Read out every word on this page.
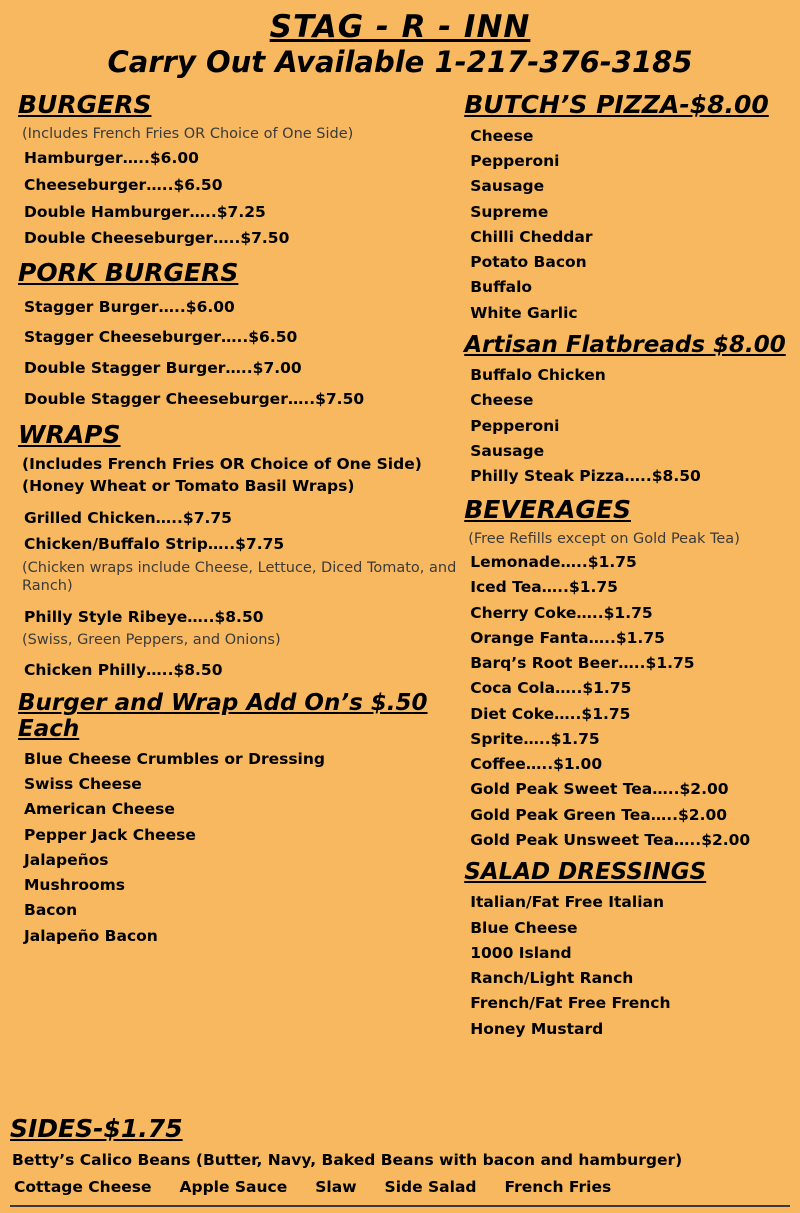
STAG - R - INN
Carry Out Available 1-217-376-3185
BURGERS
(Includes French Fries OR Choice of One Side)
Hamburger…..$6.00
Cheeseburger…..$6.50
Double Hamburger…..$7.25
Double Cheeseburger…..$7.50
PORK BURGERS
Stagger Burger…..$6.00
Stagger Cheeseburger…..$6.50
Double Stagger Burger…..$7.00
Double Stagger Cheeseburger…..$7.50
WRAPS
(Includes French Fries OR Choice of One Side)
(Honey Wheat or Tomato Basil Wraps)
Grilled Chicken…..$7.75
Chicken/Buffalo Strip…..$7.75
(Chicken wraps include Cheese, Lettuce, Diced Tomato, and Ranch)
Philly Style Ribeye…..$8.50
(Swiss, Green Peppers, and Onions)
Chicken Philly…..$8.50
Burger and Wrap Add On’s $.50 Each
Blue Cheese Crumbles or Dressing
Swiss Cheese
American Cheese
Pepper Jack Cheese
Jalapeños
Mushrooms
Bacon
Jalapeño Bacon
BUTCH’S PIZZA-$8.00
Cheese
Pepperoni
Sausage
Supreme
Chilli Cheddar
Potato Bacon
Buffalo
White Garlic
Artisan Flatbreads $8.00
Buffalo Chicken
Cheese
Pepperoni
Sausage
Philly Steak Pizza…..$8.50
BEVERAGES
(Free Refills except on Gold Peak Tea)
Lemonade…..$1.75
Iced Tea…..$1.75
Cherry Coke…..$1.75
Orange Fanta…..$1.75
Barq’s Root Beer…..$1.75
Coca Cola…..$1.75
Diet Coke…..$1.75
Sprite…..$1.75
Coffee…..$1.00
Gold Peak Sweet Tea…..$2.00
Gold Peak Green Tea…..$2.00
Gold Peak Unsweet Tea…..$2.00
SALAD DRESSINGS
Italian/Fat Free Italian
Blue Cheese
1000 Island
Ranch/Light Ranch
French/Fat Free French
Honey Mustard
SIDES-$1.75
Betty’s Calico Beans (Butter, Navy, Baked Beans with bacon and hamburger)
Cottage Cheese Apple Sauce Slaw Side Salad French Fries
